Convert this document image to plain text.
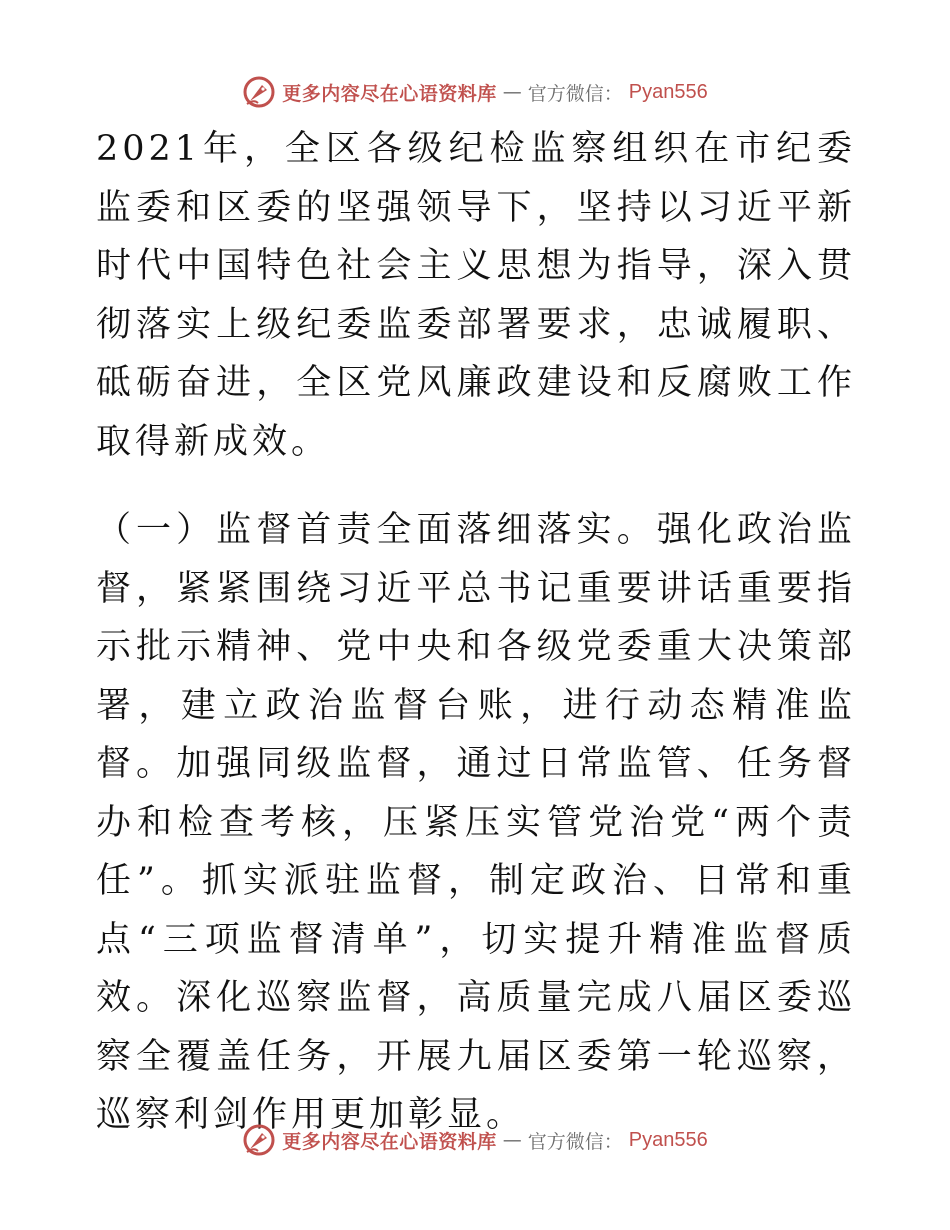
更多内容尽在心语资料库 — 官方微信： Pyan556

2021年，全区各级纪检监察组织在市纪委监委和区委的坚强领导下，坚持以习近平新时代中国特色社会主义思想为指导，深入贯彻落实上级纪委监委部署要求，忠诚履职、砥砺奋进，全区党风廉政建设和反腐败工作取得新成效。

（一）监督首责全面落细落实。强化政治监督，紧紧围绕习近平总书记重要讲话重要指示批示精神、党中央和各级党委重大决策部署，建立政治监督台账，进行动态精准监督。加强同级监督，通过日常监管、任务督办和检查考核，压紧压实管党治党“两个责任”。抓实派驻监督，制定政治、日常和重点“三项监督清单”，切实提升精准监督质效。深化巡察监督，高质量完成八届区委巡察全覆盖任务，开展九届区委第一轮巡察，巡察利剑作用更加彰显。

更多内容尽在心语资料库 — 官方微信： Pyan556
